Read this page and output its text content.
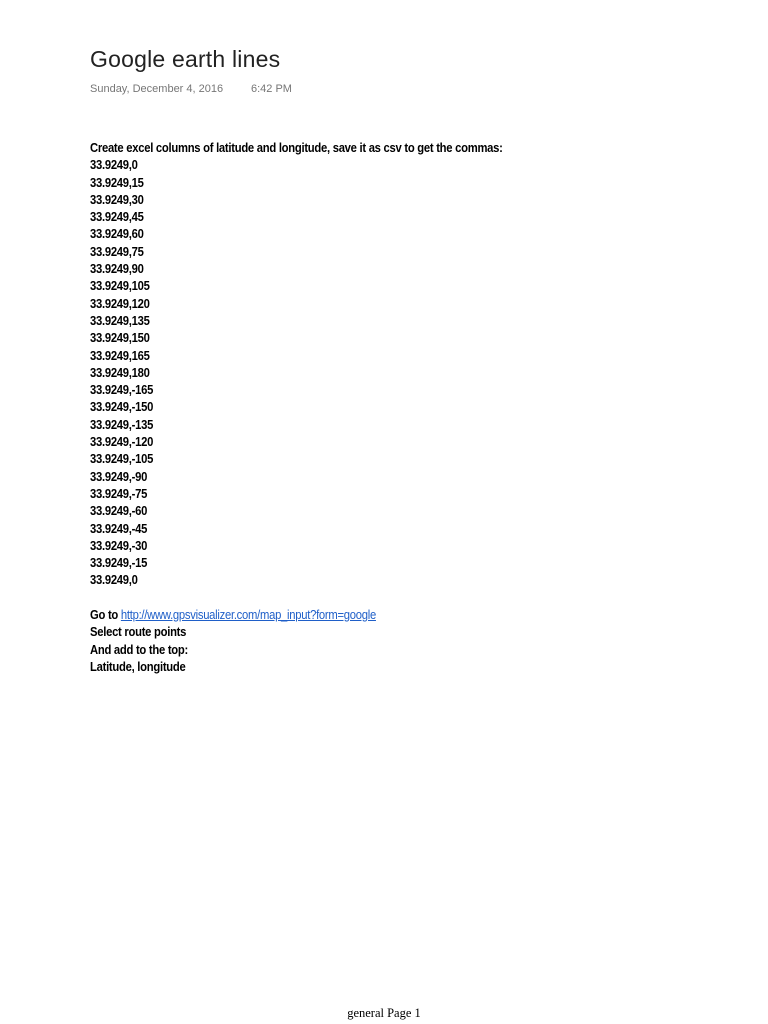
Google earth lines
Sunday, December 4, 2016	6:42 PM
Create excel columns of latitude and longitude, save it as csv to get the commas:
33.9249,0
33.9249,15
33.9249,30
33.9249,45
33.9249,60
33.9249,75
33.9249,90
33.9249,105
33.9249,120
33.9249,135
33.9249,150
33.9249,165
33.9249,180
33.9249,-165
33.9249,-150
33.9249,-135
33.9249,-120
33.9249,-105
33.9249,-90
33.9249,-75
33.9249,-60
33.9249,-45
33.9249,-30
33.9249,-15
33.9249,0
Go to http://www.gpsvisualizer.com/map_input?form=google
Select route points
And add to the top:
Latitude, longitude
general Page 1
